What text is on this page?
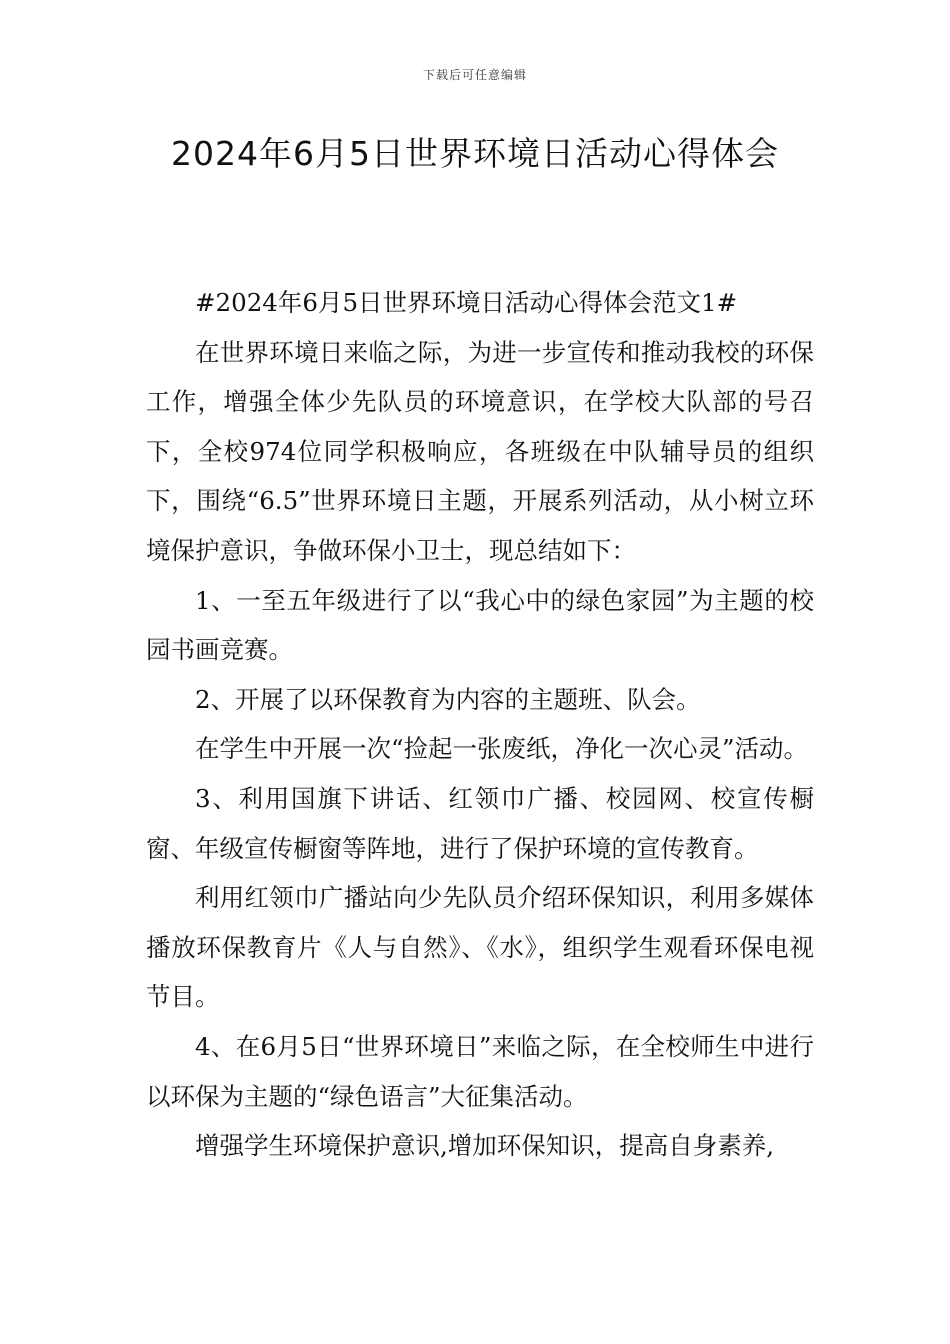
下载后可任意编辑
2024年6月5日世界环境日活动心得体会

#2024年6月5日世界环境日活动心得体会范文1#

在世界环境日来临之际，为进一步宣传和推动我校的环保工作，增强全体少先队员的环境意识，在学校大队部的号召下，全校974位同学积极响应，各班级在中队辅导员的组织下，围绕“6.5”世界环境日主题，开展系列活动，从小树立环境保护意识，争做环保小卫士，现总结如下：

1、一至五年级进行了以“我心中的绿色家园”为主题的校园书画竞赛。

2、开展了以环保教育为内容的主题班、队会。

在学生中开展一次“捡起一张废纸，净化一次心灵”活动。

3、利用国旗下讲话、红领巾广播、校园网、校宣传橱窗、年级宣传橱窗等阵地，进行了保护环境的宣传教育。

利用红领巾广播站向少先队员介绍环保知识，利用多媒体播放环保教育片《人与自然》、《水》，组织学生观看环保电视节目。

4、在6月5日“世界环境日”来临之际，在全校师生中进行以环保为主题的“绿色语言”大征集活动。

增强学生环境保护意识,增加环保知识，提高自身素养,
